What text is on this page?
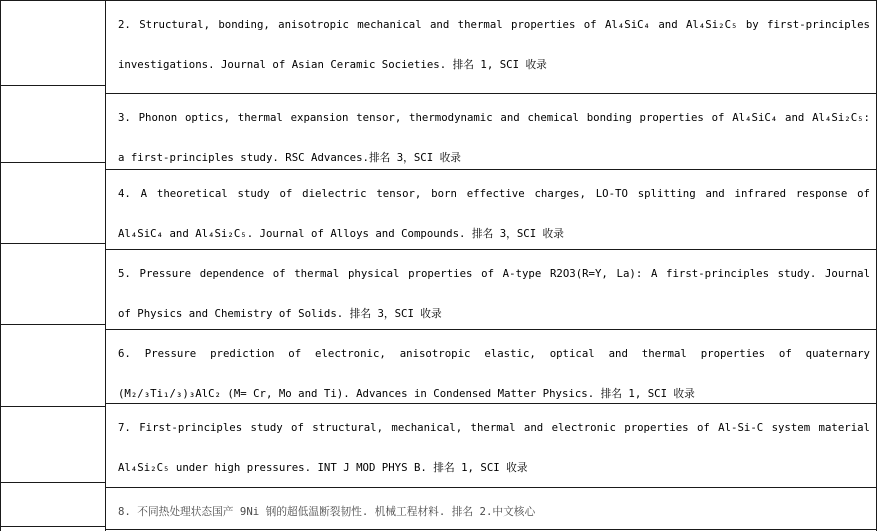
2. Structural, bonding, anisotropic mechanical and thermal properties of Al₄SiC₄ and Al₄Si₂C₅ by first-principles
investigations. Journal of Asian Ceramic Societies. 排名 1, SCI 收录
3. Phonon optics, thermal expansion tensor, thermodynamic and chemical bonding properties of Al₄SiC₄ and Al₄Si₂C₅:
a first-principles study. RSC Advances.排名 3，SCI 收录
4. A theoretical study of dielectric tensor, born effective charges, LO-TO splitting and infrared response of
Al₄SiC₄ and Al₄Si₂C₅. Journal of Alloys and Compounds. 排名 3，SCI 收录
5. Pressure dependence of thermal physical properties of A-type R2O3(R=Y, La): A first-principles study. Journal
of Physics and Chemistry of Solids. 排名 3，SCI 收录
6. Pressure prediction of electronic, anisotropic elastic, optical and thermal properties of quaternary
(M₂/₃Ti₁/₃)₃AlC₂ (M= Cr, Mo and Ti). Advances in Condensed Matter Physics. 排名 1, SCI 收录
7. First-principles study of structural, mechanical, thermal and electronic properties of Al-Si-C system material
Al₄Si₂C₅ under high pressures. INT J MOD PHYS B. 排名 1, SCI 收录
8. 不同热处理状态国产 9Ni 钢的超低温断裂韧性. 机械工程材料. 排名 2.中文核心
